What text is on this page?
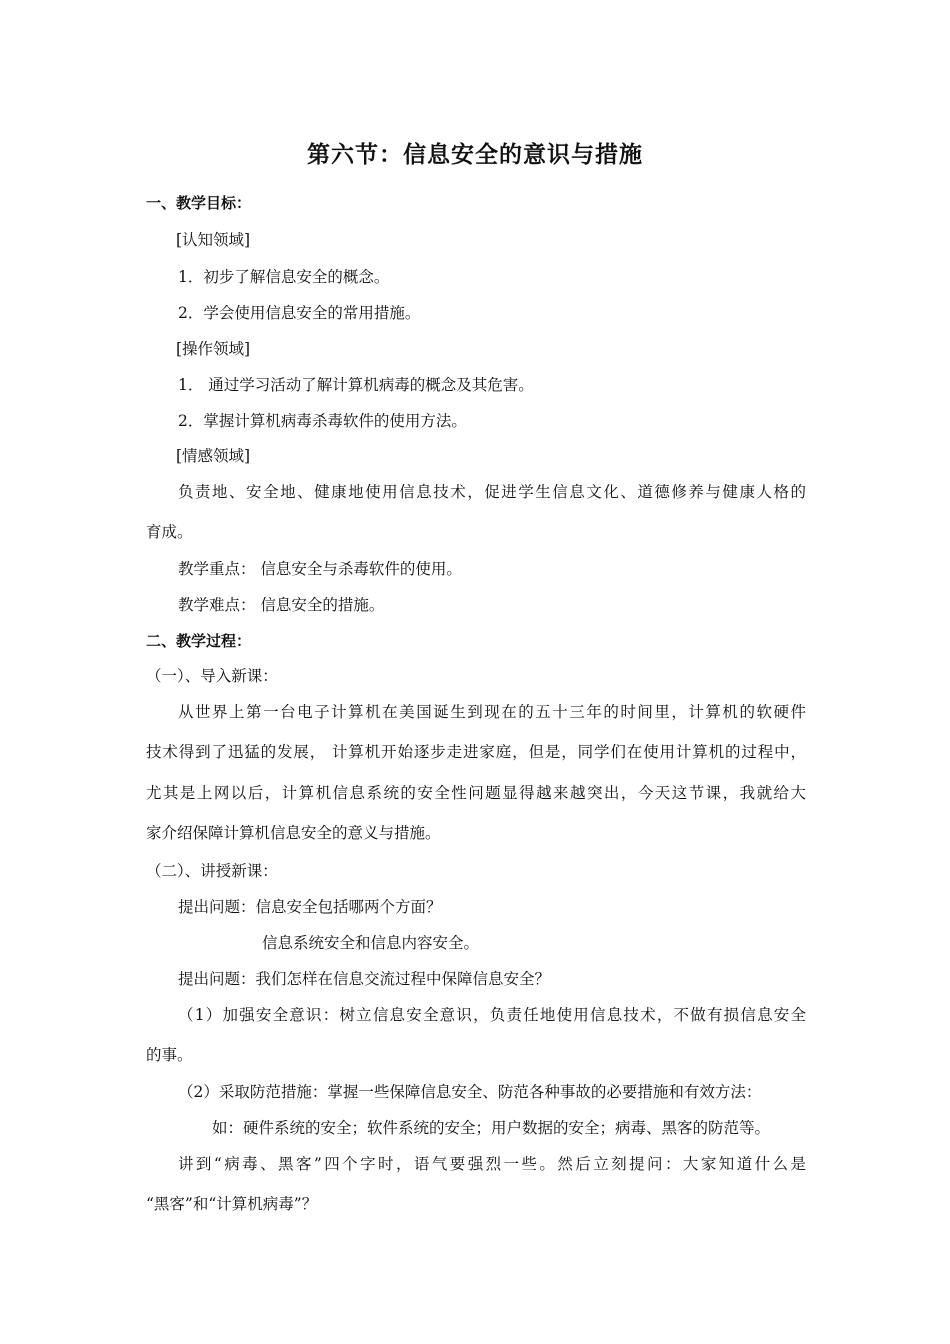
第六节：信息安全的意识与措施
一、教学目标：
[认知领域]
1．初步了解信息安全的概念。
2．学会使用信息安全的常用措施。
[操作领域]
1． 通过学习活动了解计算机病毒的概念及其危害。
2．掌握计算机病毒杀毒软件的使用方法。
[情感领域]
负责地、安全地、健康地使用信息技术，促进学生信息文化、道德修养与健康人格的
育成。
教学重点： 信息安全与杀毒软件的使用。
教学难点： 信息安全的措施。
二、教学过程：
（一）、导入新课：
从世界上第一台电子计算机在美国诞生到现在的五十三年的时间里，计算机的软硬件
技术得到了迅猛的发展， 计算机开始逐步走进家庭，但是，同学们在使用计算机的过程中，
尤其是上网以后，计算机信息系统的安全性问题显得越来越突出，今天这节课，我就给大
家介绍保障计算机信息安全的意义与措施。
（二）、讲授新课：
提出问题：信息安全包括哪两个方面？
信息系统安全和信息内容安全。
提出问题：我们怎样在信息交流过程中保障信息安全？
（1）加强安全意识：树立信息安全意识，负责任地使用信息技术，不做有损信息安全
的事。
（2）采取防范措施：掌握一些保障信息安全、防范各种事故的必要措施和有效方法：
如：硬件系统的安全；软件系统的安全；用户数据的安全；病毒、黑客的防范等。
讲到“病毒、黑客”四个字时，语气要强烈一些。然后立刻提问：大家知道什么是
“黑客”和“计算机病毒”？
